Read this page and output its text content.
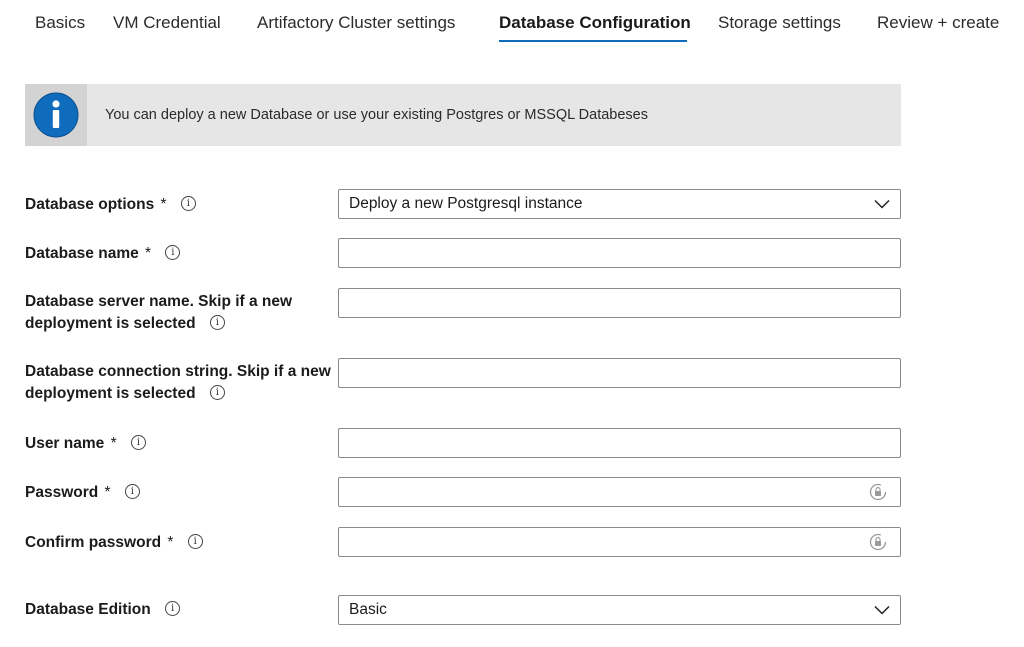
Basics VM Credential Artifactory Cluster settings	Database Configuration Storage settings Review + create
You can deploy a new Database or use your existing Postgres or MSSQL Databeses
Database options * i	Deploy a new Postgresql instance
Database name * i
Database server name. Skip if a new
deployment is selected i
Database connection string. Skip if a new
deployment is selected i
User name * i
Password * i
Confirm password * i
Database Edition i	Basic
